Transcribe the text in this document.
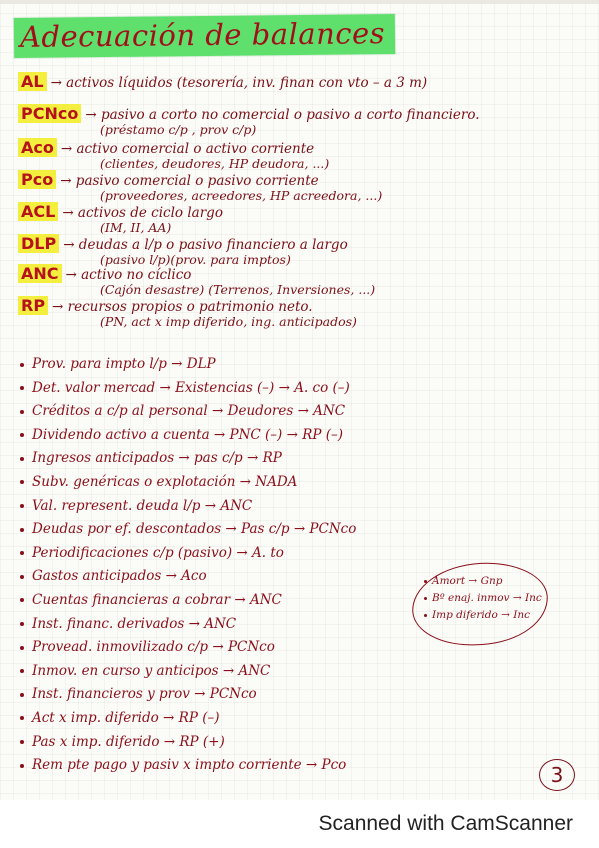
Adecuación de balances
AL → activos líquidos (tesorería, inv. finan con vto – a 3 m)
PCNco → pasivo a corto no comercial o pasivo a corto financiero.
(préstamo c/p , prov c/p)
Aco → activo comercial o activo corriente
(clientes, deudores, HP deudora, ...)
Pco → pasivo comercial o pasivo corriente
(proveedores, acreedores, HP acreedora, ...)
ACL → activos de ciclo largo
(IM, II, AA)
DLP → deudas a l/p o pasivo financiero a largo
(pasivo l/p)(prov. para imptos)
ANC → activo no cíclico
(Cajón desastre) (Terrenos, Inversiones, ...)
RP → recursos propios o patrimonio neto.
(PN, act x imp diferido, ing. anticipados)
Prov. para impto l/p → DLP
Det. valor mercad → Existencias (–) → A. co (–)
Créditos a c/p al personal → Deudores → ANC
Dividendo activo a cuenta → PNC (–) → RP (–)
Ingresos anticipados → pas c/p → RP
Subv. genéricas o explotación → NADA
Val. represent. deuda l/p → ANC
Deudas por ef. descontados → Pas c/p → PCNco
Periodificaciones c/p (pasivo) → A. to
Gastos anticipados → Aco
Cuentas financieras a cobrar → ANC
Inst. financ. derivados → ANC
Provead. inmovilizado c/p → PCNco
Inmov. en curso y anticipos → ANC
Inst. financieros y prov → PCNco
Act x imp. diferido → RP (–)
Pas x imp. diferido → RP (+)
Rem pte pago y pasiv x impto corriente → Pco
Amort → Gnp
Bº enaj. inmov → Inc
Imp diferido → Inc
3
Scanned with CamScanner
